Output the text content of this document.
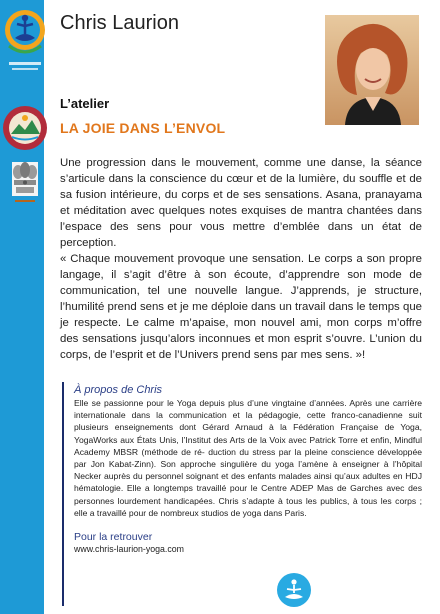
Chris Laurion
L’atelier
LA JOIE DANS L’ENVOL

Une progression dans le mouvement, comme une danse, la séance s’articule dans la conscience du cœur et de la lumière, du souffle et de sa fusion intérieure, du corps et de ses sensations. Asana, pranayama et méditation avec quelques notes exquises de mantra chantées dans l’espace des sens pour vous mettre d’emblée dans un état de perception.

« Chaque mouvement provoque une sensation. Le corps a son propre langage, il s’agit d’être à son écoute, d’apprendre son mode de communication, tel une nouvelle langue. J’apprends, je structure, l’humilité prend sens et je me déploie dans un travail dans le temps que je respecte. Le calme m’apaise, mon nouvel ami, mon corps m’offre des sensations jusqu’alors inconnues et mon esprit s’ouvre. L’union du corps, de l’esprit et de l’Univers prend sens par mes sens. »!

À propos de Chris

Elle se passionne pour le Yoga depuis plus d’une vingtaine d’années. Après une carrière internationale dans la communication et la pédagogie, cette franco-canadienne suit plusieurs enseignements dont Gérard Arnaud à la Fédération Française de Yoga, YogaWorks aux États Unis, l’Institut des Arts de la Voix avec Patrick Torre et enfin, Mindful Academy MBSR (méthode de ré- duction du stress par la pleine conscience développée par Jon Kabat-Zinn). Son approche singulière du yoga l’amène à enseigner à l’hôpital Necker auprès du personnel soignant et des enfants malades ainsi qu’aux adultes en HDJ hématologie. Elle a longtemps travaillé pour le Centre ADEP Mas de Garches avec des personnes lourdement handicapées. Chris s’adapte à tous les publics, à tous les corps ; elle a travaillé pour de nombreux studios de yoga dans Paris.

Pour la retrouver
www.chris-laurion-yoga.com
